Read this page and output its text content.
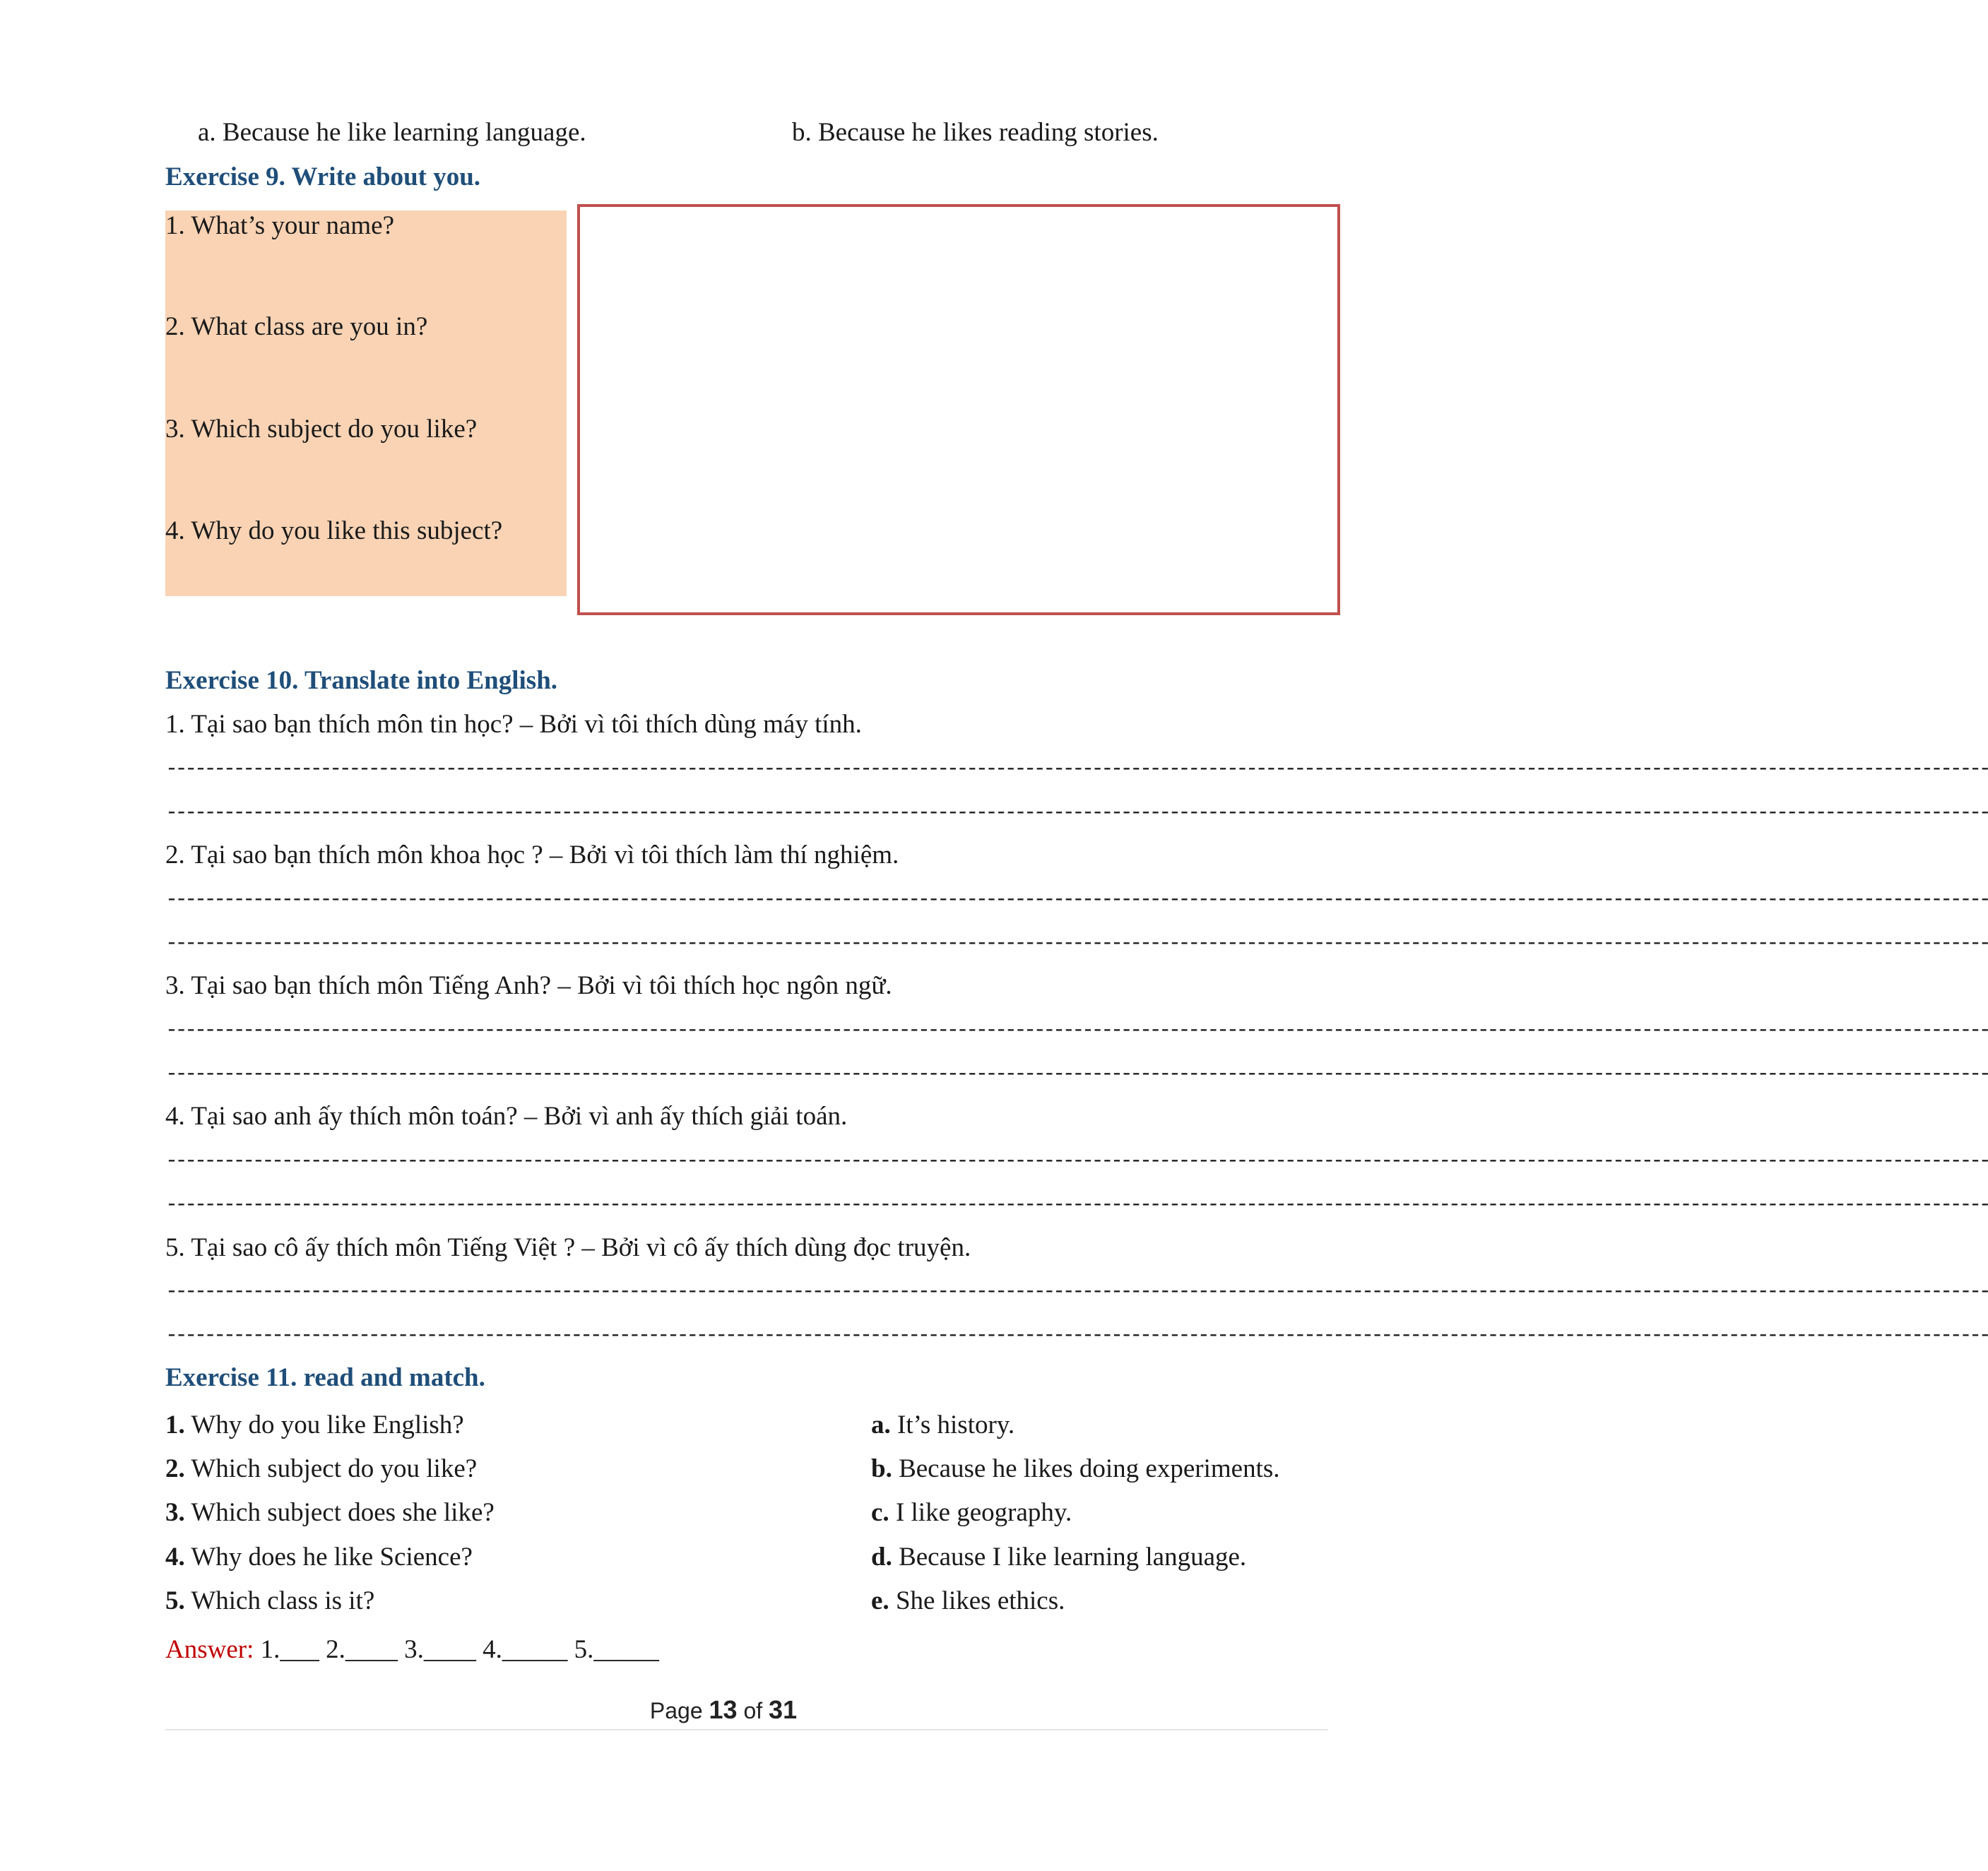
a. Because he like learning language.	b. Because he likes reading stories.
Exercise 9. Write about you.
1. What’s your name?
2. What class are you in?
3. Which subject do you like?
4. Why do you like this subject?
Exercise 10. Translate into English.
1. Tại sao bạn thích môn tin học? – Bởi vì tôi thích dùng máy tính.
---------------------------------------------------------------------------------------------------------------------------------------------------------------------------------------------
---------------------------------------------------------------------------------------------------------------------------------------------------------------------------------------------
2. Tại sao bạn thích môn khoa học ? – Bởi vì tôi thích làm thí nghiệm.
---------------------------------------------------------------------------------------------------------------------------------------------------------------------------------------------
---------------------------------------------------------------------------------------------------------------------------------------------------------------------------------------------
3. Tại sao bạn thích môn Tiếng Anh? – Bởi vì tôi thích học ngôn ngữ.
---------------------------------------------------------------------------------------------------------------------------------------------------------------------------------------------
---------------------------------------------------------------------------------------------------------------------------------------------------------------------------------------------
4. Tại sao anh ấy thích môn toán? – Bởi vì anh ấy thích giải toán.
---------------------------------------------------------------------------------------------------------------------------------------------------------------------------------------------
---------------------------------------------------------------------------------------------------------------------------------------------------------------------------------------------
5. Tại sao cô ấy thích môn Tiếng Việt ? – Bởi vì cô ấy thích dùng đọc truyện.
---------------------------------------------------------------------------------------------------------------------------------------------------------------------------------------------
---------------------------------------------------------------------------------------------------------------------------------------------------------------------------------------------
Exercise 11. read and match.
1. Why do you like English?
2. Which subject do you like?
3. Which subject does she like?
4. Why does he like Science?
5. Which class is it?
a. It’s history.
b. Because he likes doing experiments.
c. I like geography.
d. Because I like learning language.
e. She likes ethics.
Answer: 1.___ 2.____ 3.____ 4._____ 5._____
Page 13 of 31
